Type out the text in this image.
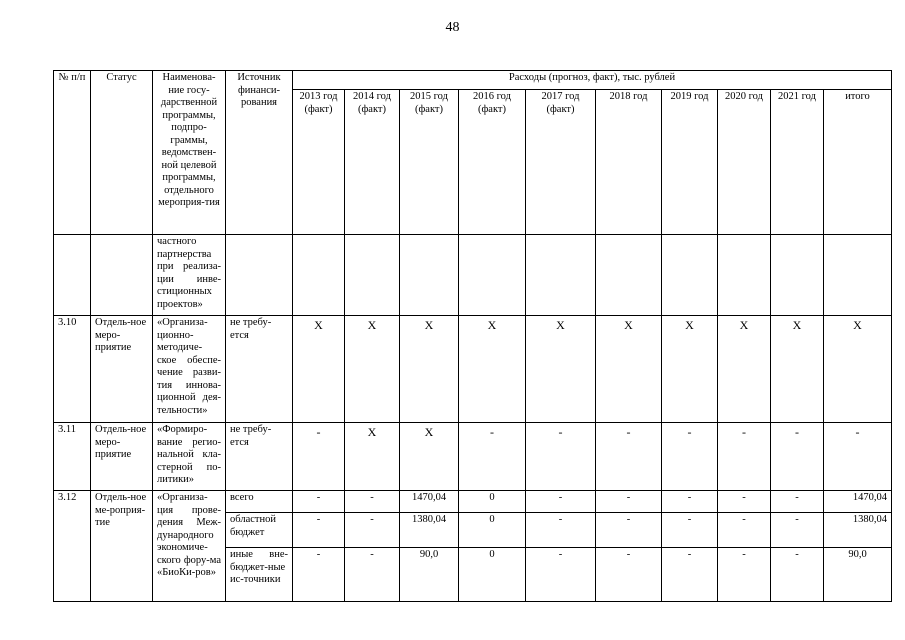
48
№ п/п	Статус	Наименова-ние госу-дарственной программы, подпро-граммы, ведомствен-ной целевой программы, отдельного мероприя-тия	Источник финанси-рования	Расходы (прогноз, факт), тыс. рублей									
				2013 год (факт)	2014 год (факт)	2015 год (факт)	2016 год (факт)	2017 год (факт)	2018 год	2019 год	2020 год	2021 год	итого
		частного партнерства при реализа-ции инве-стиционных проектов»											
3.10	Отдель-ное меро-приятие	«Организа-ционно-методиче-ское обеспе-чение разви-тия иннова-ционной дея-тельности»	не требу-ется	X	X	X	X	X	X	X	X	X	X
3.11	Отдель-ное меро-приятие	«Формиро-вание регио-нальной кла-стерной по-литики»	не требу-ется	-	X	X	-	-	-	-	-	-	-
3.12	Отдель-ное ме-роприя-тие	«Организа-ция прове-дения Меж-дународного экономиче-ского фору-ма «БиоКи-ров»	всего	-	-	1470,04	0	-	-	-	-	-	1470,04
			областной бюджет	-	-	1380,04	0	-	-	-	-	-	1380,04
			иные вне-бюджет-ные ис-точники	-	-	90,0	0	-	-	-	-	-	90,0
